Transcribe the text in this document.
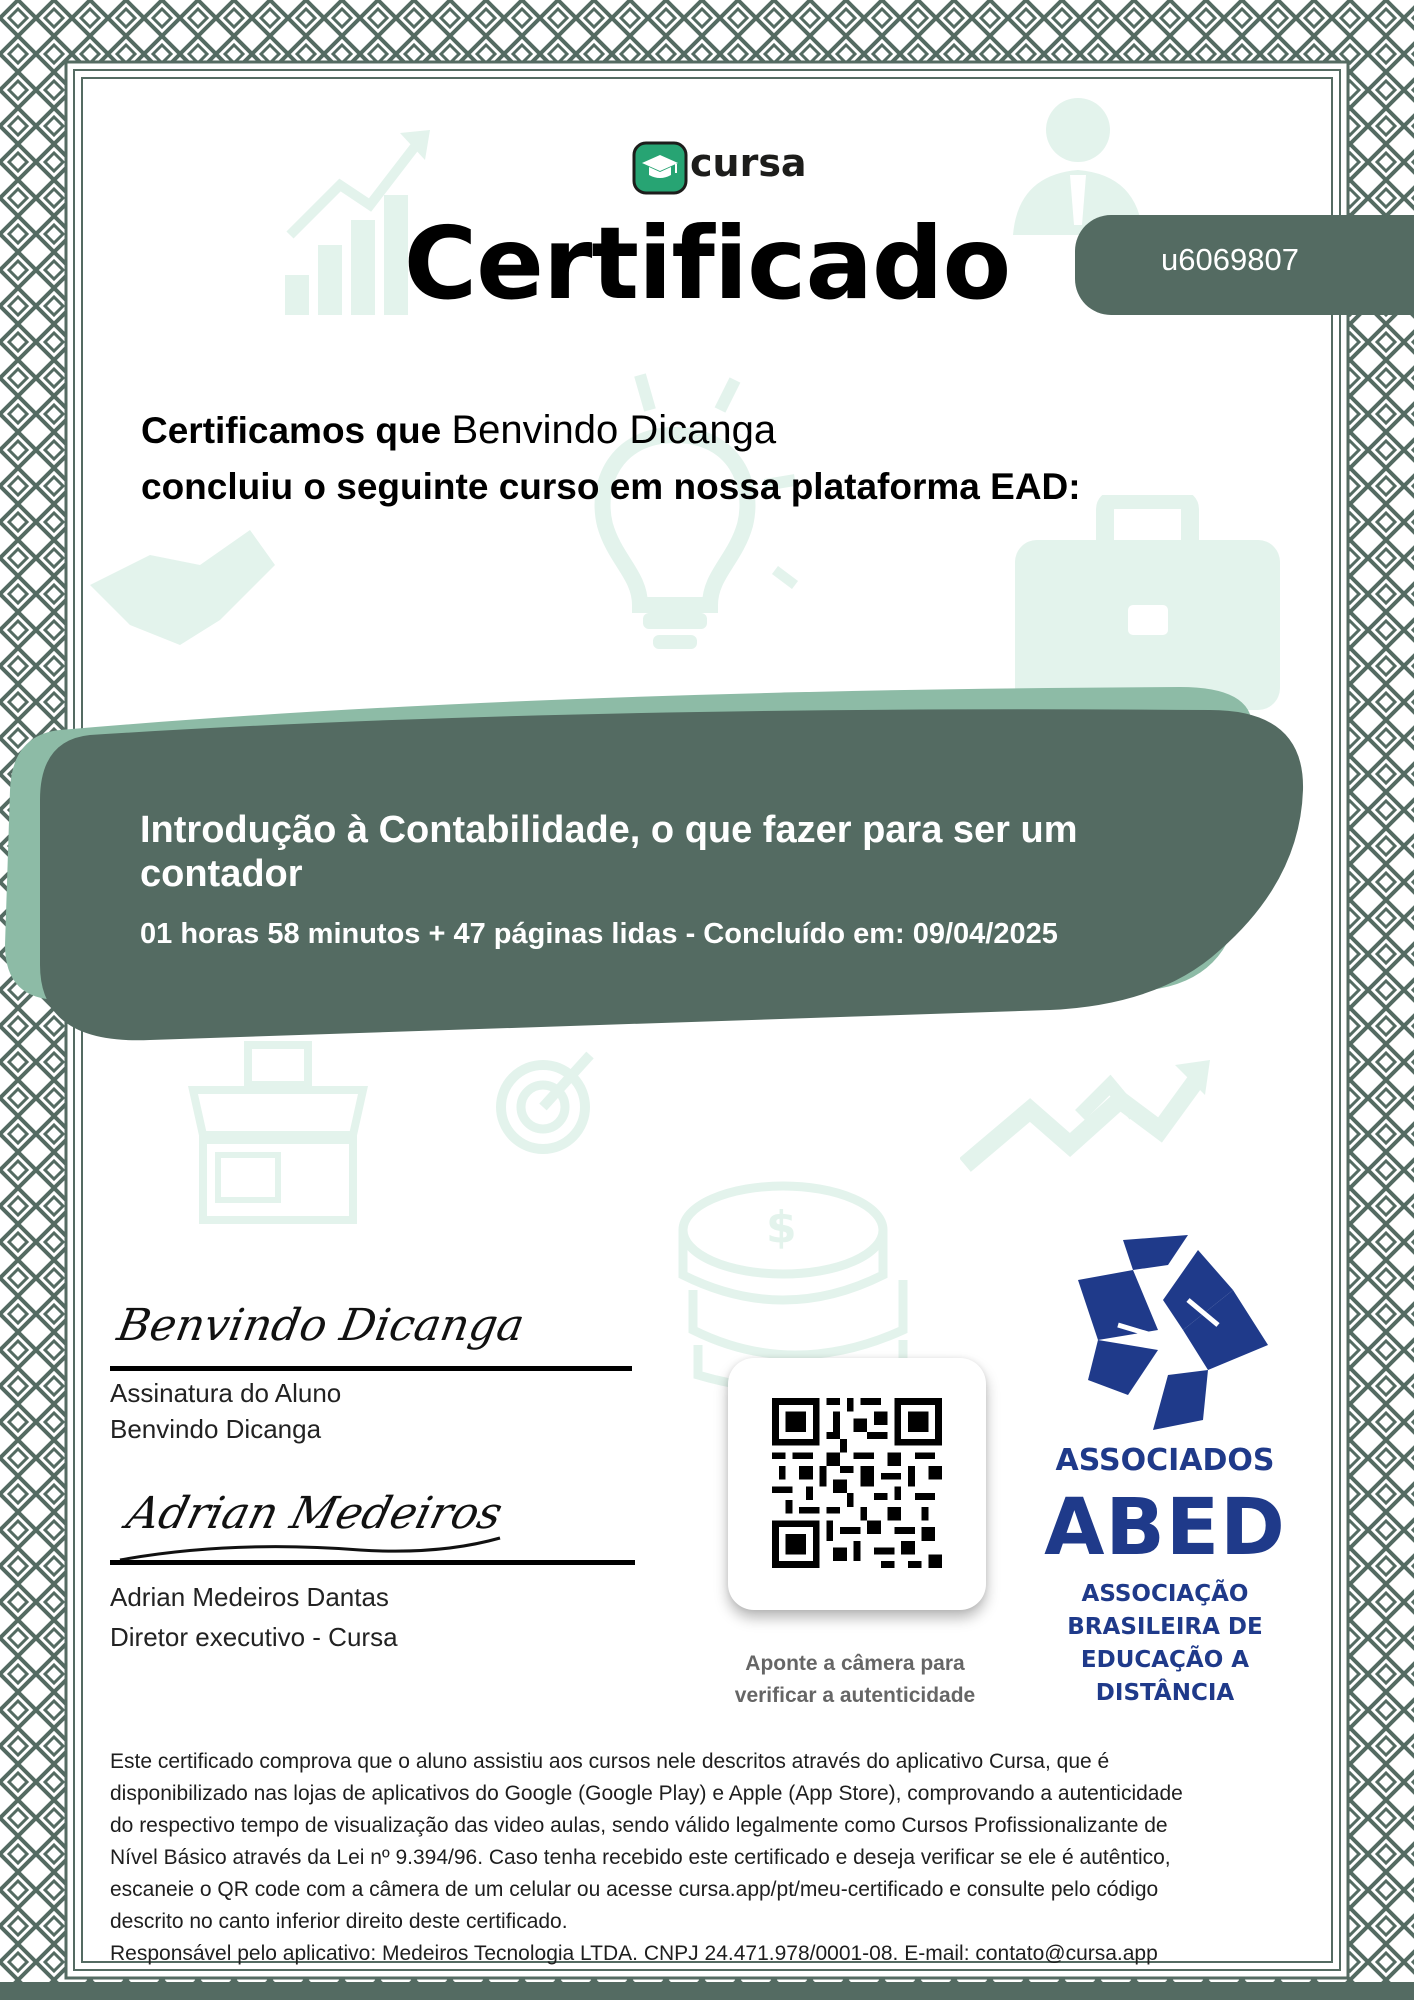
$
cursa
Certificado	u6069807
Certificamos que Benvindo Dicanga
concluiu o seguinte curso em nossa plataforma EAD:
Introdução à Contabilidade, o que fazer para ser um
contador
01 horas 58 minutos + 47 páginas lidas - Concluído em: 09/04/2025
Benvindo Dicanga
Assinatura do Aluno
Benvindo Dicanga
Adrian Medeiros
Adrian Medeiros Dantas
Diretor executivo - Cursa
Aponte a câmera para
verificar a autenticidade
ASSOCIADOS
ABED
ASSOCIAÇÃO
BRASILEIRA DE
EDUCAÇÃO A
DISTÂNCIA
Este certificado comprova que o aluno assistiu aos cursos nele descritos através do aplicativo Cursa, que é
disponibilizado nas lojas de aplicativos do Google (Google Play) e Apple (App Store), comprovando a autenticidade
do respectivo tempo de visualização das video aulas, sendo válido legalmente como Cursos Profissionalizante de
Nível Básico através da Lei nº 9.394/96. Caso tenha recebido este certificado e deseja verificar se ele é autêntico,
escaneie o QR code com a câmera de um celular ou acesse cursa.app/pt/meu-certificado e consulte pelo código
descrito no canto inferior direito deste certificado.
Responsável pelo aplicativo: Medeiros Tecnologia LTDA. CNPJ 24.471.978/0001-08. E-mail: contato@cursa.app
